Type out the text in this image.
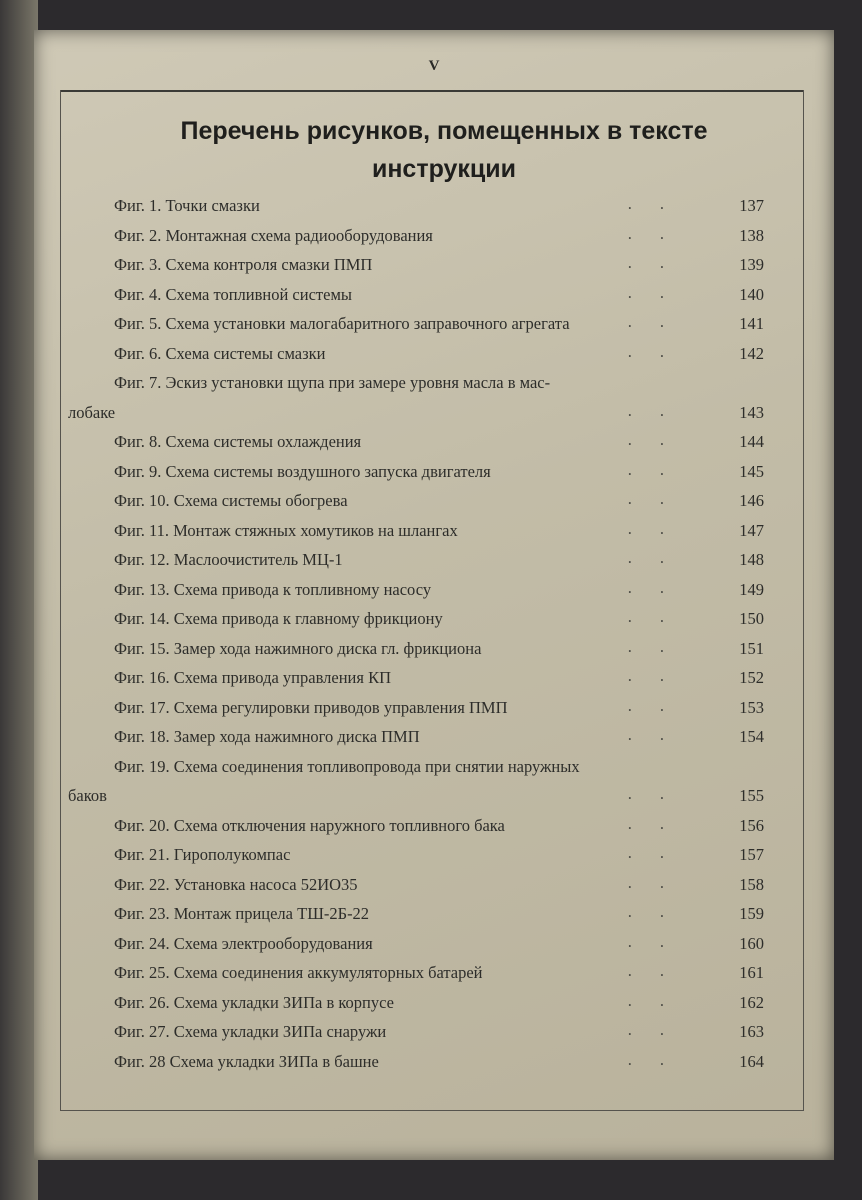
V
Перечень рисунков, помещенных в тексте
инструкции
Фиг. 1. Точки смазки	..	137
Фиг. 2. Монтажная схема радиооборудования	..	138
Фиг. 3. Схема контроля смазки ПМП	..	139
Фиг. 4. Схема топливной системы	..	140
Фиг. 5. Схема установки малогабаритного заправочного агрегата	..	141
Фиг. 6. Схема системы смазки	..	142
Фиг. 7. Эскиз установки щупа при замере уровня масла в мас-
лобаке	..	143
Фиг. 8. Схема системы охлаждения	..	144
Фиг. 9. Схема системы воздушного запуска двигателя	..	145
Фиг. 10. Схема системы обогрева	..	146
Фиг. 11. Монтаж стяжных хомутиков на шлангах	..	147
Фиг. 12. Маслоочиститель МЦ-1	..	148
Фиг. 13. Схема привода к топливному насосу	..	149
Фиг. 14. Схема привода к главному фрикциону	..	150
Фиг. 15. Замер хода нажимного диска гл. фрикциона	..	151
Фиг. 16. Схема привода управления КП	..	152
Фиг. 17. Схема регулировки приводов управления ПМП	..	153
Фиг. 18. Замер хода нажимного диска ПМП	..	154
Фиг. 19. Схема соединения топливопровода при снятии наружных
баков	..	155
Фиг. 20. Схема отключения наружного топливного бака	..	156
Фиг. 21. Гирополукомпас	..	157
Фиг. 22. Установка насоса 52ИО35	..	158
Фиг. 23. Монтаж прицела ТШ-2Б-22	..	159
Фиг. 24. Схема электрооборудования	..	160
Фиг. 25. Схема соединения аккумуляторных батарей	..	161
Фиг. 26. Схема укладки ЗИПа в корпусе	..	162
Фиг. 27. Схема укладки ЗИПа снаружи	..	163
Фиг. 28 Схема укладки ЗИПа в башне	..	164
